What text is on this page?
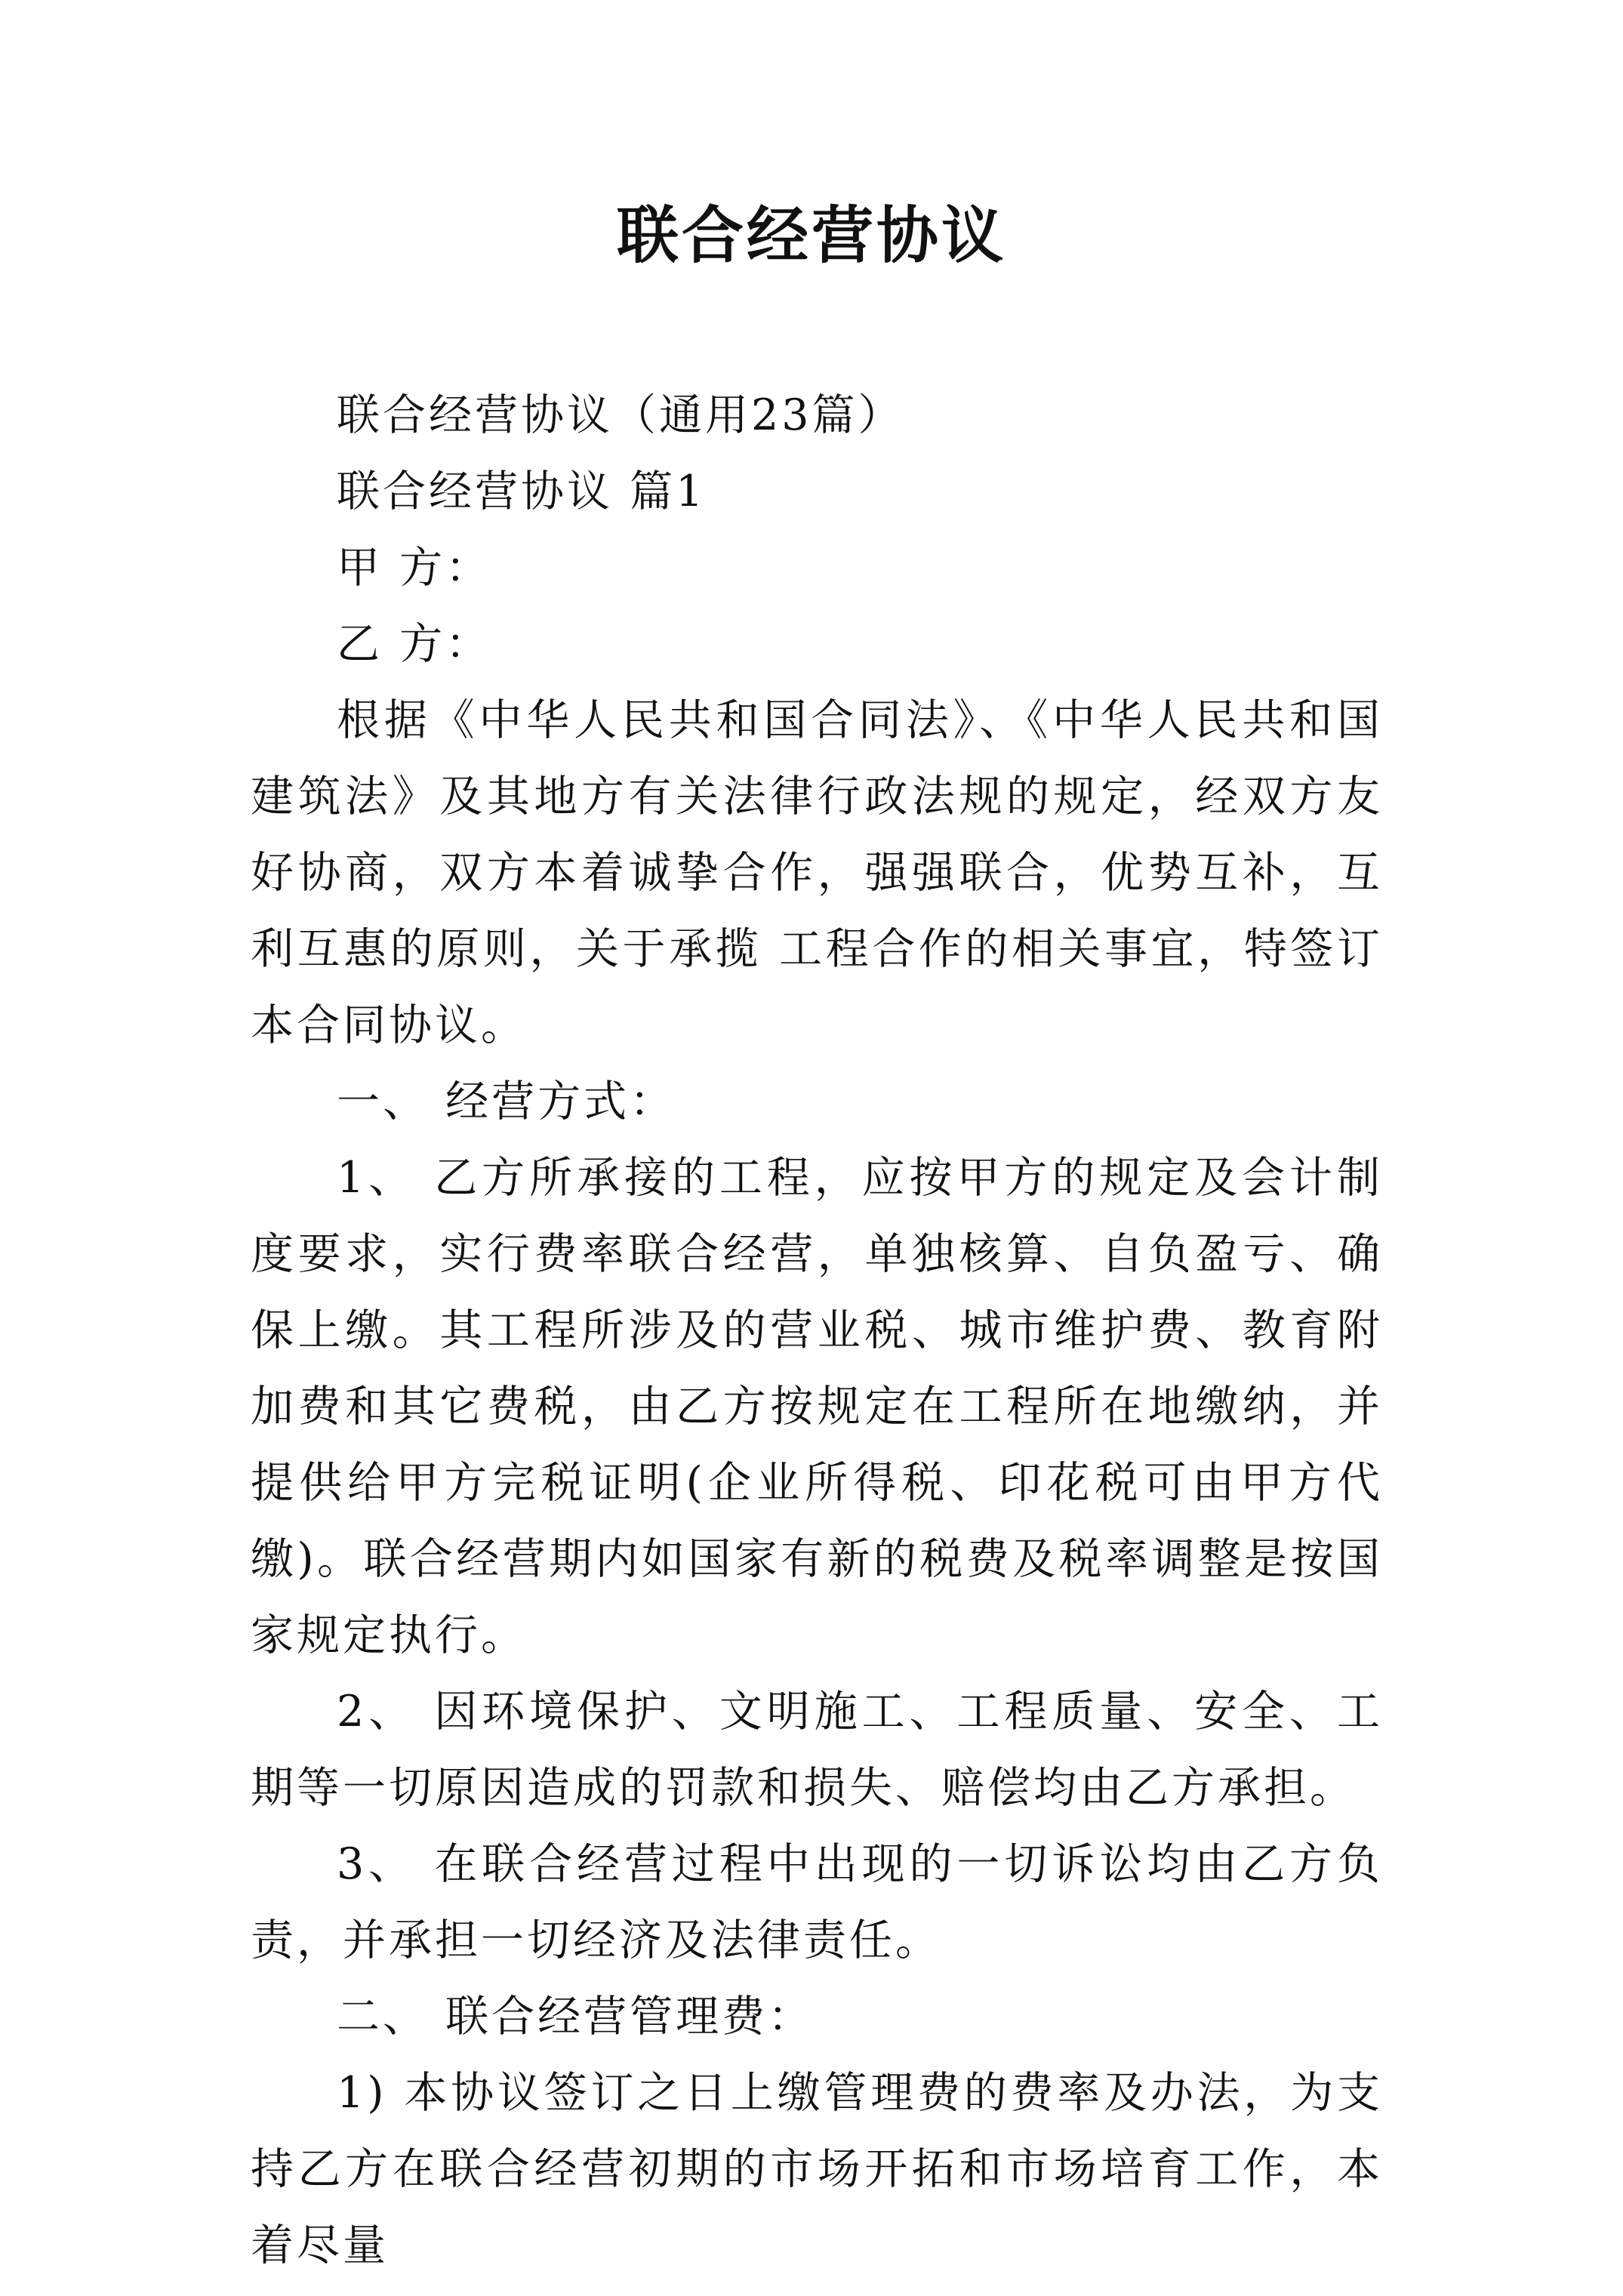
联合经营协议

联合经营协议（通用23篇）

联合经营协议 篇1

甲 方：

乙 方：

根据《中华人民共和国合同法》、《中华人民共和国建筑法》及其地方有关法律行政法规的规定，经双方友好协商，双方本着诚挚合作，强强联合，优势互补，互利互惠的原则，关于承揽 工程合作的相关事宜，特签订本合同协议。

一、 经营方式：

1、 乙方所承接的工程，应按甲方的规定及会计制度要求，实行费率联合经营，单独核算、自负盈亏、确保上缴。其工程所涉及的营业税、城市维护费、教育附加费和其它费税，由乙方按规定在工程所在地缴纳，并提供给甲方完税证明(企业所得税、印花税可由甲方代缴)。联合经营期内如国家有新的税费及税率调整是按国家规定执行。

2、 因环境保护、文明施工、工程质量、安全、工期等一切原因造成的罚款和损失、赔偿均由乙方承担。

3、 在联合经营过程中出现的一切诉讼均由乙方负责，并承担一切经济及法律责任。

二、 联合经营管理费：

1) 本协议签订之日上缴管理费的费率及办法，为支持乙方在联合经营初期的市场开拓和市场培育工作，本着尽量
